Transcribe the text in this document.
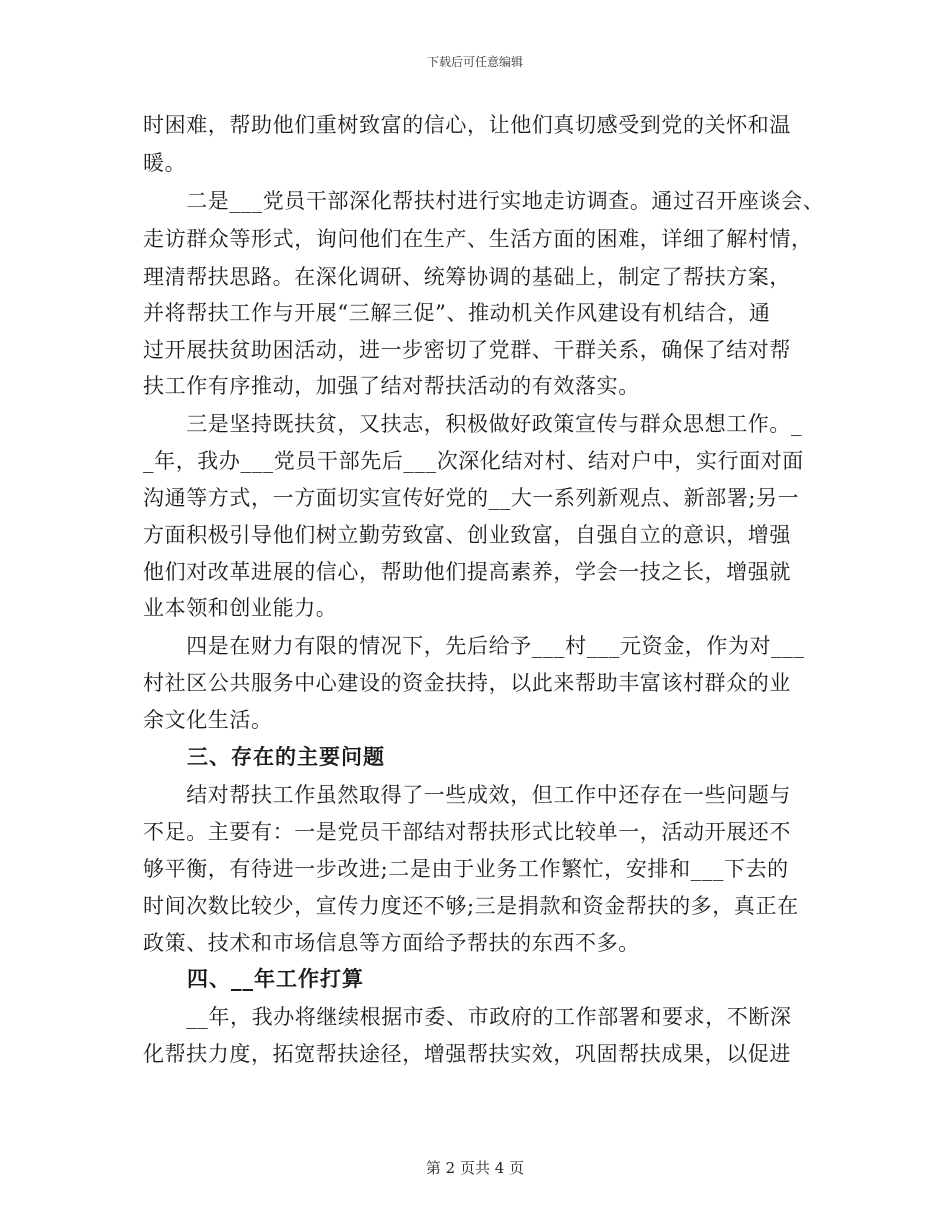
下载后可任意编辑
时困难，帮助他们重树致富的信心，让他们真切感受到党的关怀和温
暖。
　　二是___党员干部深化帮扶村进行实地走访调查。通过召开座谈会、
走访群众等形式，询问他们在生产、生活方面的困难，详细了解村情，
理清帮扶思路。在深化调研、统筹协调的基础上，制定了帮扶方案，
并将帮扶工作与开展“三解三促”、推动机关作风建设有机结合，通
过开展扶贫助困活动，进一步密切了党群、干群关系，确保了结对帮
扶工作有序推动，加强了结对帮扶活动的有效落实。
　　三是坚持既扶贫，又扶志，积极做好政策宣传与群众思想工作。_
_年，我办___党员干部先后___次深化结对村、结对户中，实行面对面
沟通等方式，一方面切实宣传好党的__大一系列新观点、新部署;另一
方面积极引导他们树立勤劳致富、创业致富，自强自立的意识，增强
他们对改革进展的信心，帮助他们提高素养，学会一技之长，增强就
业本领和创业能力。
　　四是在财力有限的情况下，先后给予___村___元资金，作为对___
村社区公共服务中心建设的资金扶持，以此来帮助丰富该村群众的业
余文化生活。
　　三、存在的主要问题
　　结对帮扶工作虽然取得了一些成效，但工作中还存在一些问题与
不足。主要有：一是党员干部结对帮扶形式比较单一，活动开展还不
够平衡，有待进一步改进;二是由于业务工作繁忙，安排和___下去的
时间次数比较少，宣传力度还不够;三是捐款和资金帮扶的多，真正在
政策、技术和市场信息等方面给予帮扶的东西不多。
　　四、__年工作打算
　　__年，我办将继续根据市委、市政府的工作部署和要求，不断深
化帮扶力度，拓宽帮扶途径，增强帮扶实效，巩固帮扶成果，以促进
第 2 页共 4 页
